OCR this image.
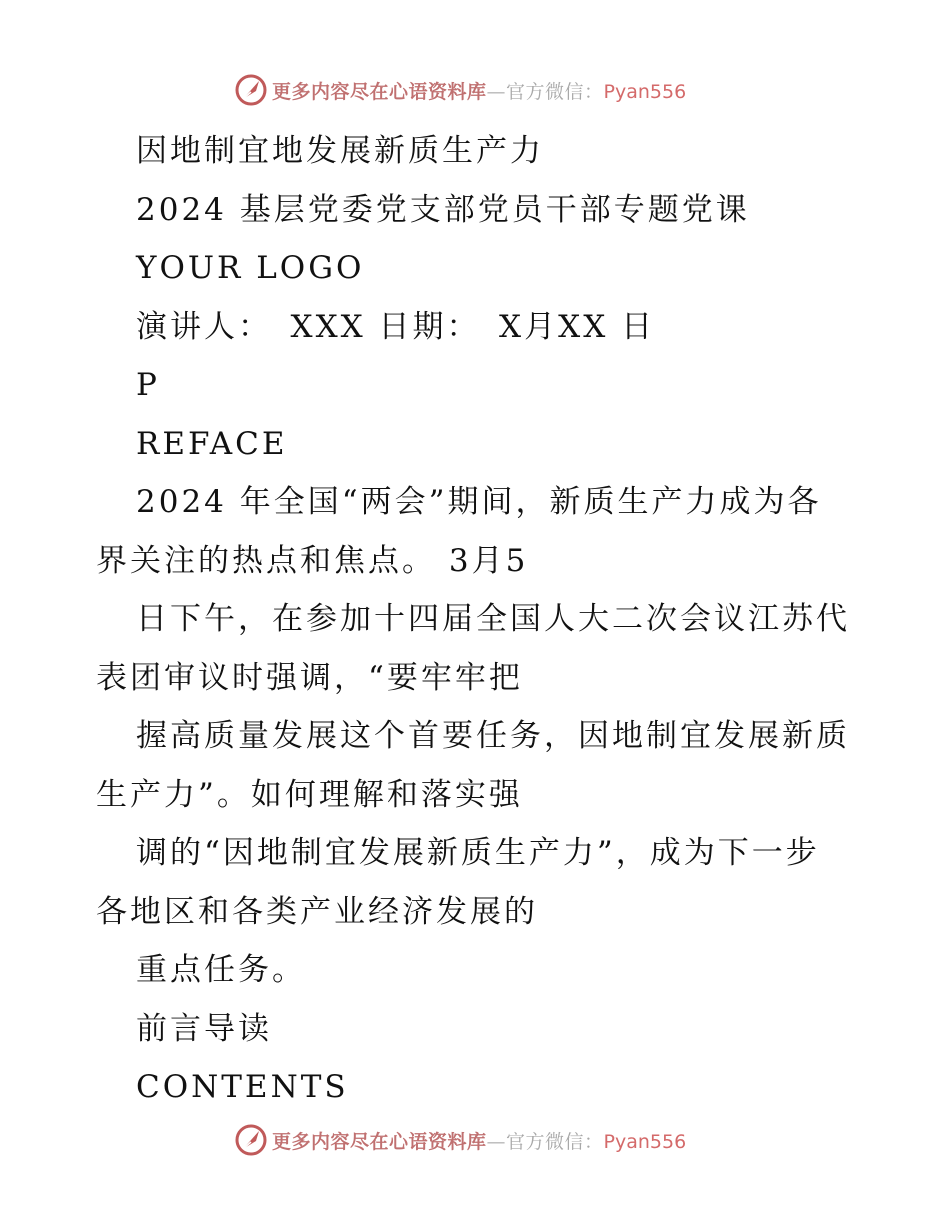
更多内容尽在心语资料库—官方微信：Pyan556
因地制宜地发展新质生产力
2024 基层党委党支部党员干部专题党课
YOUR LOGO
演讲人：　XXX 日期：　X月XX 日
P
REFACE
2024 年全国“两会”期间，新质生产力成为各
界关注的热点和焦点。 3月5
日下午，在参加十四届全国人大二次会议江苏代
表团审议时强调，“要牢牢把
握高质量发展这个首要任务，因地制宜发展新质
生产力”。如何理解和落实强
调的“因地制宜发展新质生产力”，成为下一步
各地区和各类产业经济发展的
重点任务。
前言导读
CONTENTS
更多内容尽在心语资料库—官方微信：Pyan556
